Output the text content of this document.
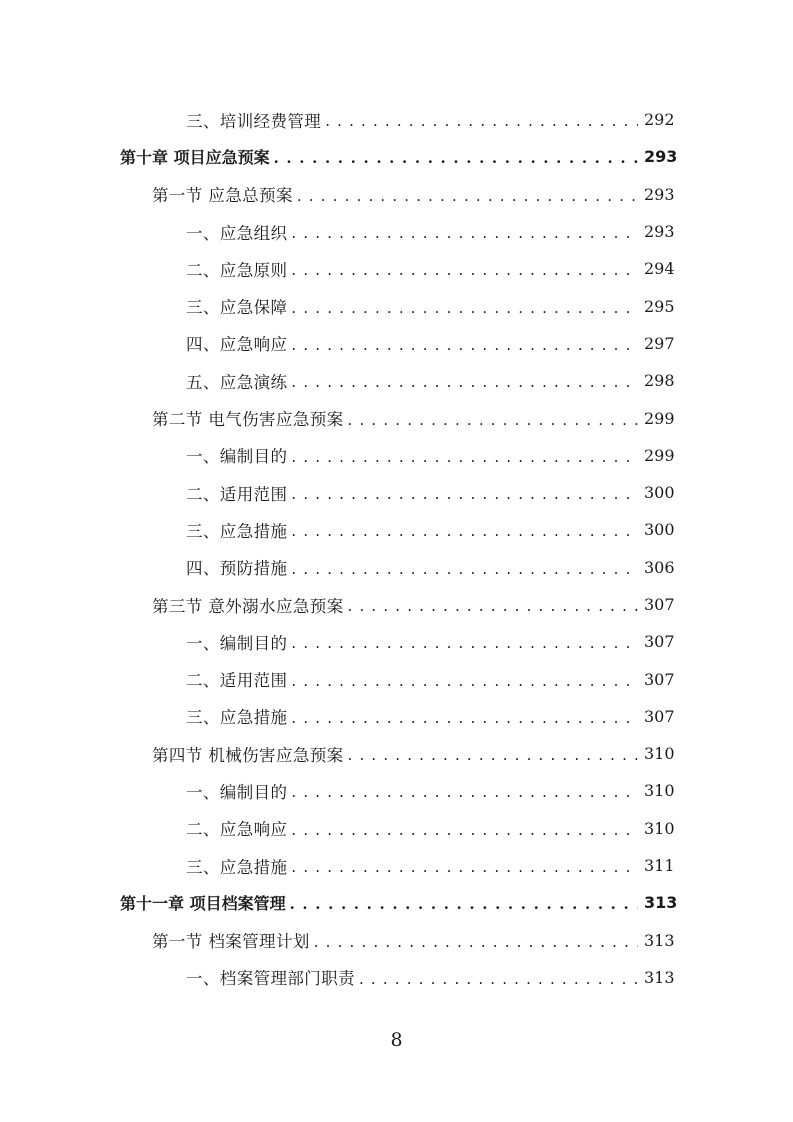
三、培训经费管理 . . .	292
第十章 项目应急预案 . . .	293
第一节 应急总预案 . . .	293
一、应急组织 . . .	293
二、应急原则 . . .	294
三、应急保障 . . .	295
四、应急响应 . . .	297
五、应急演练 . . .	298
第二节 电气伤害应急预案 . . .	299
一、编制目的 . . .	299
二、适用范围 . . .	300
三、应急措施 . . .	300
四、预防措施 . . .	306
第三节 意外溺水应急预案 . . .	307
一、编制目的 . . .	307
二、适用范围 . . .	307
三、应急措施 . . .	307
第四节 机械伤害应急预案 . . .	310
一、编制目的 . . .	310
二、应急响应 . . .	310
三、应急措施 . . .	311
第十一章 项目档案管理 . . .	313
第一节 档案管理计划 . . .	313
一、档案管理部门职责 . . .	313
8
